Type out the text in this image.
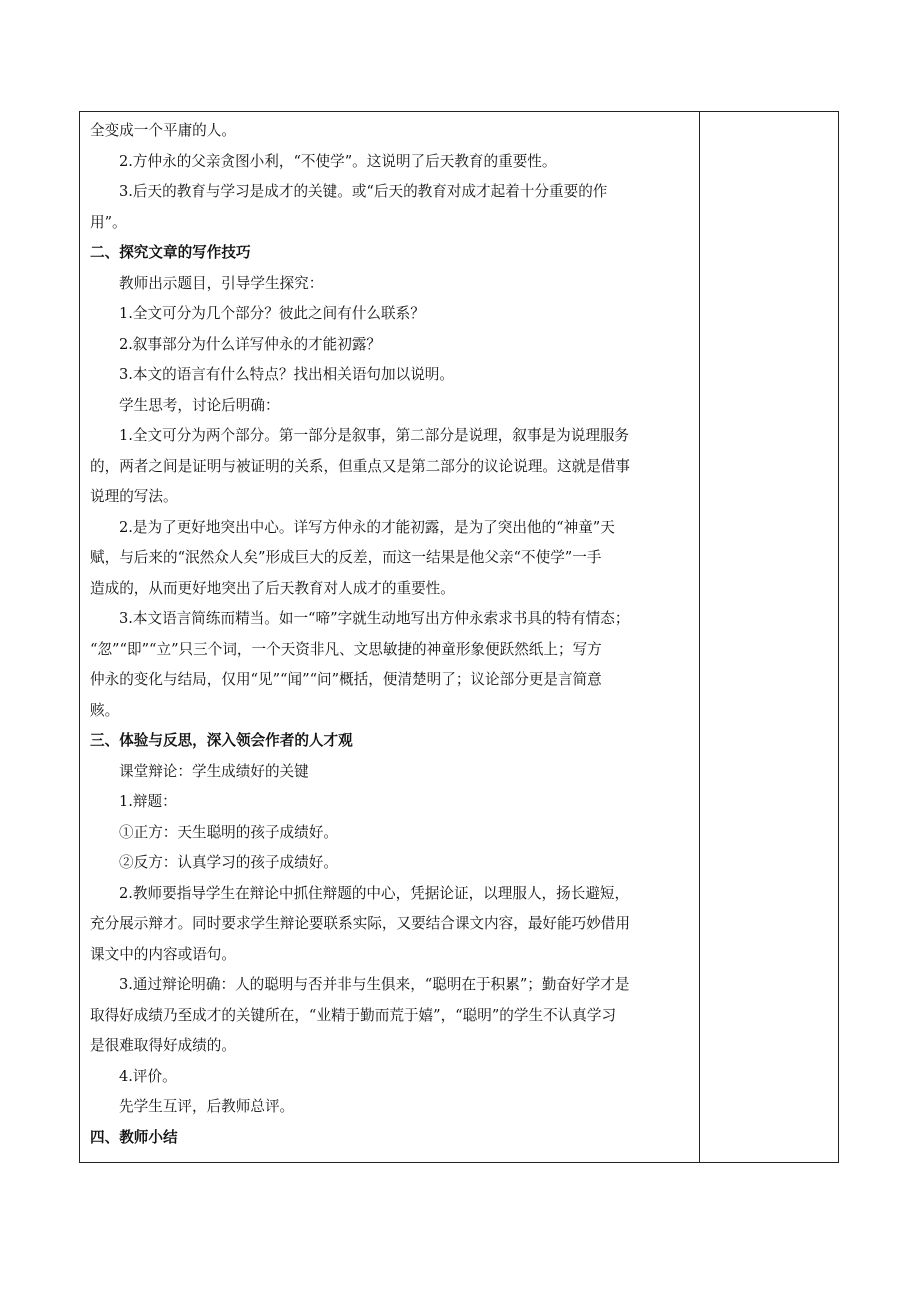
全变成一个平庸的人。
2.方仲永的父亲贪图小利，“不使学”。这说明了后天教育的重要性。
3.后天的教育与学习是成才的关键。或“后天的教育对成才起着十分重要的作
用”。
二、探究文章的写作技巧
教师出示题目，引导学生探究：
1.全文可分为几个部分？彼此之间有什么联系？
2.叙事部分为什么详写仲永的才能初露？
3.本文的语言有什么特点？找出相关语句加以说明。
学生思考，讨论后明确：
1.全文可分为两个部分。第一部分是叙事，第二部分是说理，叙事是为说理服务
的，两者之间是证明与被证明的关系，但重点又是第二部分的议论说理。这就是借事
说理的写法。
2.是为了更好地突出中心。详写方仲永的才能初露，是为了突出他的“神童”天
赋，与后来的“泯然众人矣”形成巨大的反差，而这一结果是他父亲“不使学”一手
造成的，从而更好地突出了后天教育对人成才的重要性。
3.本文语言简练而精当。如一“啼”字就生动地写出方仲永索求书具的特有情态；
“忽”“即”“立”只三个词，一个天资非凡、文思敏捷的神童形象便跃然纸上；写方
仲永的变化与结局，仅用“见”“闻”“问”概括，便清楚明了；议论部分更是言简意
赅。
三、体验与反思，深入领会作者的人才观
课堂辩论：学生成绩好的关键
1.辩题：
①正方：天生聪明的孩子成绩好。
②反方：认真学习的孩子成绩好。
2.教师要指导学生在辩论中抓住辩题的中心，凭据论证，以理服人，扬长避短，
充分展示辩才。同时要求学生辩论要联系实际，又要结合课文内容，最好能巧妙借用
课文中的内容或语句。
3.通过辩论明确：人的聪明与否并非与生俱来，“聪明在于积累”；勤奋好学才是
取得好成绩乃至成才的关键所在，“业精于勤而荒于嬉”，“聪明”的学生不认真学习
是很难取得好成绩的。
4.评价。
先学生互评，后教师总评。
四、教师小结
